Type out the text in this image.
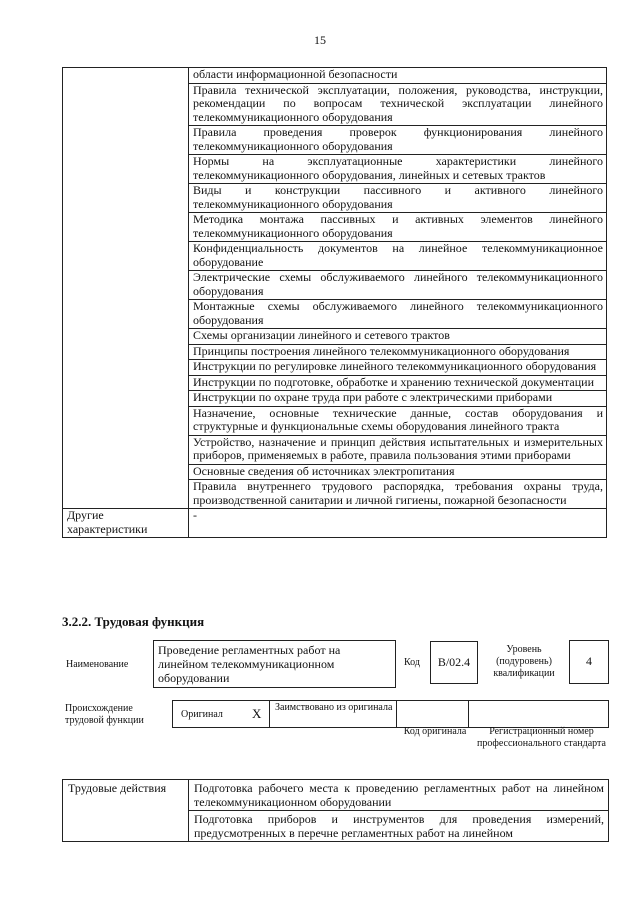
15
	области информационной безопасности
	Правила технической эксплуатации, положения, руководства, инструкции, рекомендации по вопросам технической эксплуатации линейного телекоммуникационного оборудования
	Правила проведения проверок функционирования линейного телекоммуникационного оборудования
	Нормы на эксплуатационные характеристики линейного телекоммуникационного оборудования, линейных и сетевых трактов
	Виды и конструкции пассивного и активного линейного телекоммуникационного оборудования
	Методика монтажа пассивных и активных элементов линейного телекоммуникационного оборудования
	Конфиденциальность документов на линейное телекоммуникационное оборудование
	Электрические схемы обслуживаемого линейного телекоммуникационного оборудования
	Монтажные схемы обслуживаемого линейного телекоммуникационного оборудования
	Схемы организации линейного и сетевого трактов
	Принципы построения линейного телекоммуникационного оборудования
	Инструкции по регулировке линейного телекоммуникационного оборудования
	Инструкции по подготовке, обработке и хранению технической документации
	Инструкции по охране труда при работе с электрическими приборами
	Назначение, основные технические данные, состав оборудования и структурные и функциональные схемы оборудования линейного тракта
	Устройство, назначение и принцип действия испытательных и измерительных приборов, применяемых в работе, правила пользования этими приборами
	Основные сведения об источниках электропитания
	Правила внутреннего трудового распорядка, требования охраны труда, производственной санитарии и личной гигиены, пожарной безопасности
Другие характеристики	-
3.2.2. Трудовая функция
Наименование
Проведение регламентных работ на линейном телекоммуникационном оборудовании
Код	B/02.4
Уровень (подуровень) квалификации
4
Происхождение трудовой функции
Оригинал X Заимствовано из оригинала
Код оригинала	Регистрационный номер профессионального стандарта
Трудовые действия	Подготовка рабочего места к проведению регламентных работ на линейном телекоммуникационном оборудовании
Подготовка приборов и инструментов для проведения измерений, предусмотренных в перечне регламентных работ на линейном
